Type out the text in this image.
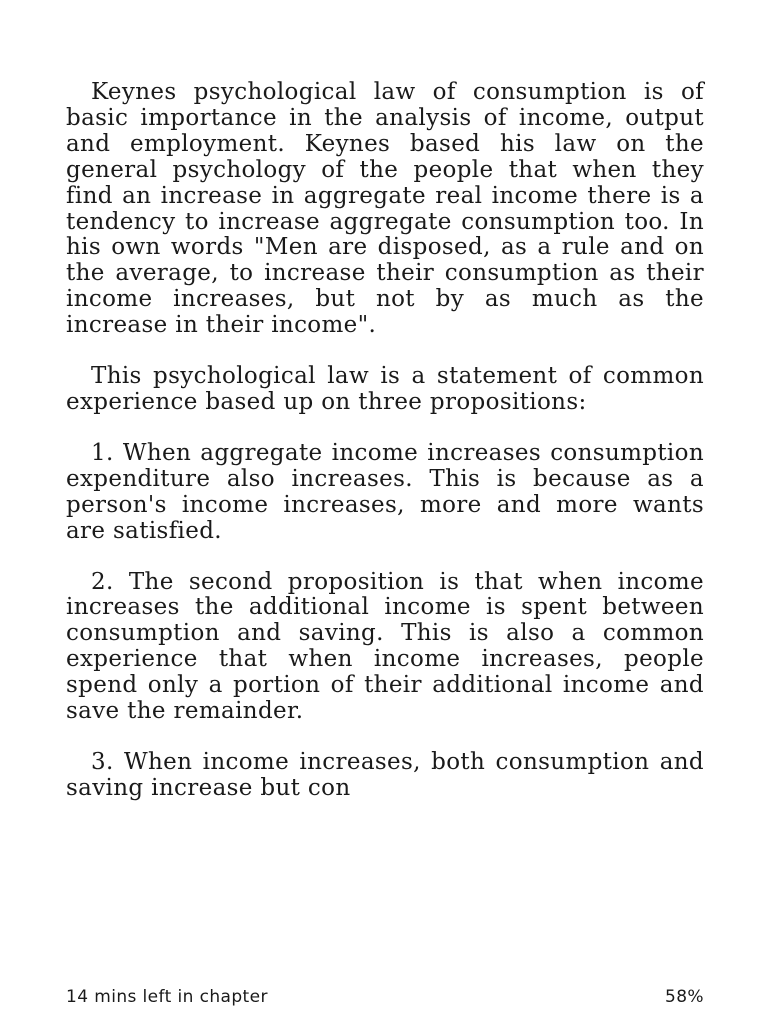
Keynes psychological law of consumption is of basic importance in the analysis of income, output and employment. Keynes based his law on the general psychology of the people that when they find an increase in aggregate real income there is a tendency to increase aggregate consumption too. In his own words "Men are disposed, as a rule and on the average, to increase their consumption as their income increases, but not by as much as the increase in their income".

This psychological law is a statement of common experience based up on three propositions:

1. When aggregate income increases consumption expenditure also increases. This is because as a person's income increases, more and more wants are satisfied.

2. The second proposition is that when income increases the additional income is spent between consumption and saving. This is also a common experience that when income increases, people spend only a portion of their additional income and save the remainder.

3. When income increases, both consumption and saving increase but con

14 mins left in chapter	58%
